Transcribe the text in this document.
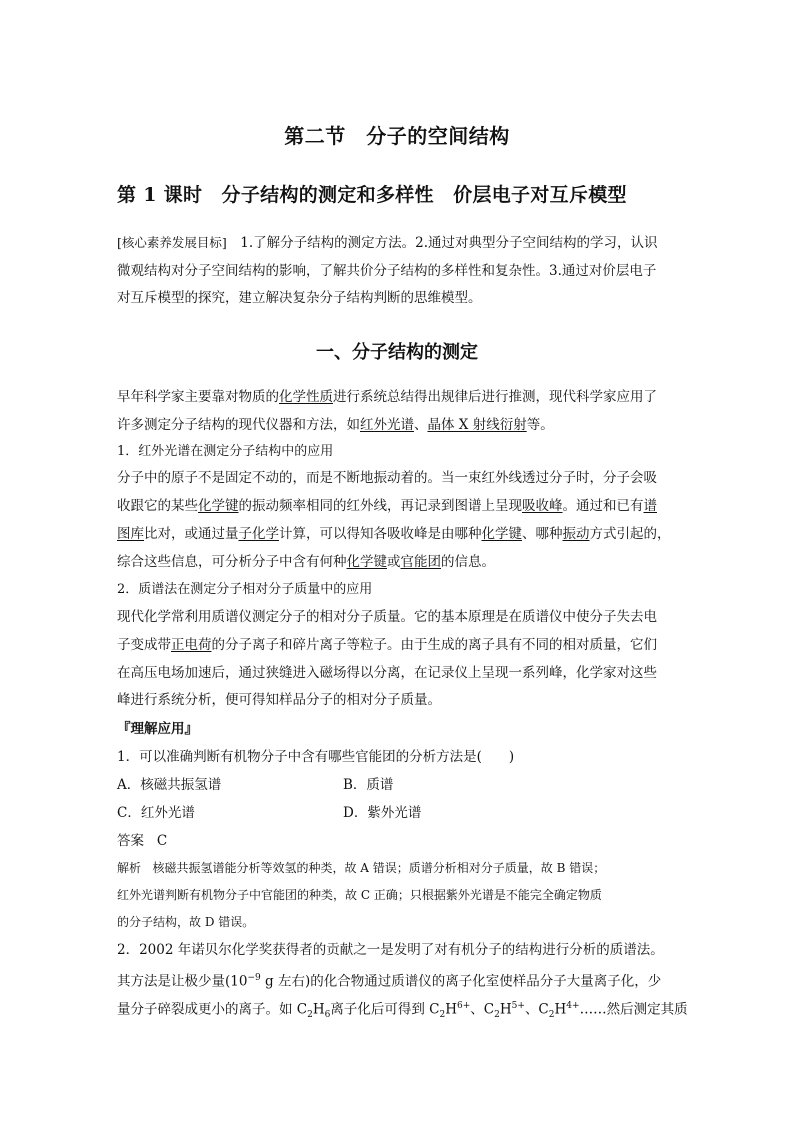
第二节　分子的空间结构
第 1 课时　分子结构的测定和多样性　价层电子对互斥模型
[核心素养发展目标]　1.了解分子结构的测定方法。2.通过对典型分子空间结构的学习，认识
微观结构对分子空间结构的影响，了解共价分子结构的多样性和复杂性。3.通过对价层电子
对互斥模型的探究，建立解决复杂分子结构判断的思维模型。
一、分子结构的测定
早年科学家主要靠对物质的化学性质进行系统总结得出规律后进行推测，现代科学家应用了
许多测定分子结构的现代仪器和方法，如红外光谱、晶体 X 射线衍射等。
1．红外光谱在测定分子结构中的应用
分子中的原子不是固定不动的，而是不断地振动着的。当一束红外线透过分子时，分子会吸
收跟它的某些化学键的振动频率相同的红外线，再记录到图谱上呈现吸收峰。通过和已有谱
图库比对，或通过量子化学计算，可以得知各吸收峰是由哪种化学键、哪种振动方式引起的，
综合这些信息，可分析分子中含有何种化学键或官能团的信息。
2．质谱法在测定分子相对分子质量中的应用
现代化学常利用质谱仪测定分子的相对分子质量。它的基本原理是在质谱仪中使分子失去电
子变成带正电荷的分子离子和碎片离子等粒子。由于生成的离子具有不同的相对质量，它们
在高压电场加速后，通过狭缝进入磁场得以分离，在记录仪上呈现一系列峰，化学家对这些
峰进行系统分析，便可得知样品分子的相对分子质量。
『理解应用』
1．可以准确判断有机物分子中含有哪些官能团的分析方法是(　　)
A．核磁共振氢谱	B．质谱
C．红外光谱	D．紫外光谱
答案 C
解析 核磁共振氢谱能分析等效氢的种类，故 A 错误；质谱分析相对分子质量，故 B 错误；
红外光谱判断有机物分子中官能团的种类，故 C 正确；只根据紫外光谱是不能完全确定物质
的分子结构，故 D 错误。
2．2002 年诺贝尔化学奖获得者的贡献之一是发明了对有机分子的结构进行分析的质谱法。
其方法是让极少量($10^{-9}$ g 左右)的化合物通过质谱仪的离子化室使样品分子大量离子化，少
量分子碎裂成更小的离子。如 $C_2H_6$离子化后可得到 $C_2H^{6+}$、$C_2H^{5+}$、$C_2H^{4+}\dots\dots$然后测定其质
